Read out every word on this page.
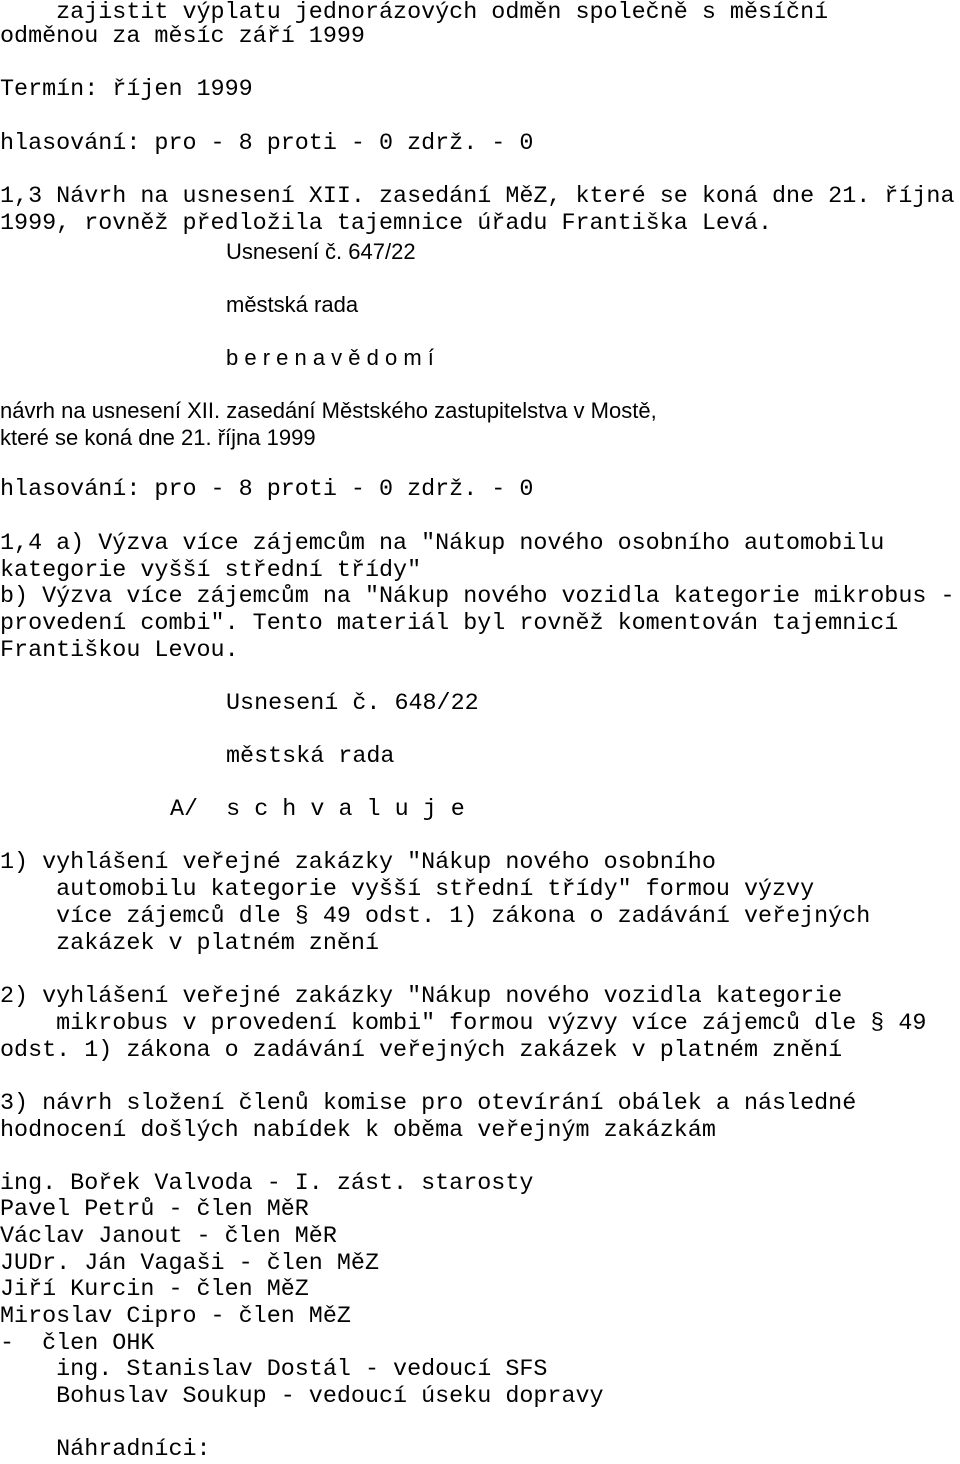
zajistit výplatu jednorázových odměn společně s měsíční
odměnou za měsíc září 1999
Termín: říjen 1999
hlasování: pro - 8 proti - 0 zdrž. - 0
1,3 Návrh na usnesení XII. zasedání MěZ, které se koná dne 21. října
1999, rovněž předložila tajemnice úřadu Františka Levá.
Usnesení č. 647/22
městská rada
b e r e n a v ě d o m í
návrh na usnesení XII. zasedání Městského zastupitelstva v Mostě,
které se koná dne 21. října 1999
hlasování: pro - 8 proti - 0 zdrž. - 0
1,4 a) Výzva více zájemcům na "Nákup nového osobního automobilu
kategorie vyšší střední třídy"
b) Výzva více zájemcům na "Nákup nového vozidla kategorie mikrobus -
provedení combi". Tento materiál byl rovněž komentován tajemnicí
Františkou Levou.
Usnesení č. 648/22
městská rada
A/  s c h v a l u j e
1) vyhlášení veřejné zakázky "Nákup nového osobního
automobilu kategorie vyšší střední třídy" formou výzvy
více zájemců dle § 49 odst. 1) zákona o zadávání veřejných
zakázek v platném znění
2) vyhlášení veřejné zakázky "Nákup nového vozidla kategorie
mikrobus v provedení kombi" formou výzvy více zájemců dle § 49
odst. 1) zákona o zadávání veřejných zakázek v platném znění
3) návrh složení členů komise pro otevírání obálek a následné
hodnocení došlých nabídek k oběma veřejným zakázkám
ing. Bořek Valvoda - I. zást. starosty
Pavel Petrů - člen MěR
Václav Janout - člen MěR
JUDr. Ján Vagaši - člen MěZ
Jiří Kurcin - člen MěZ
Miroslav Cipro - člen MěZ
-  člen OHK
ing. Stanislav Dostál - vedoucí SFS
Bohuslav Soukup - vedoucí úseku dopravy
Náhradníci:
